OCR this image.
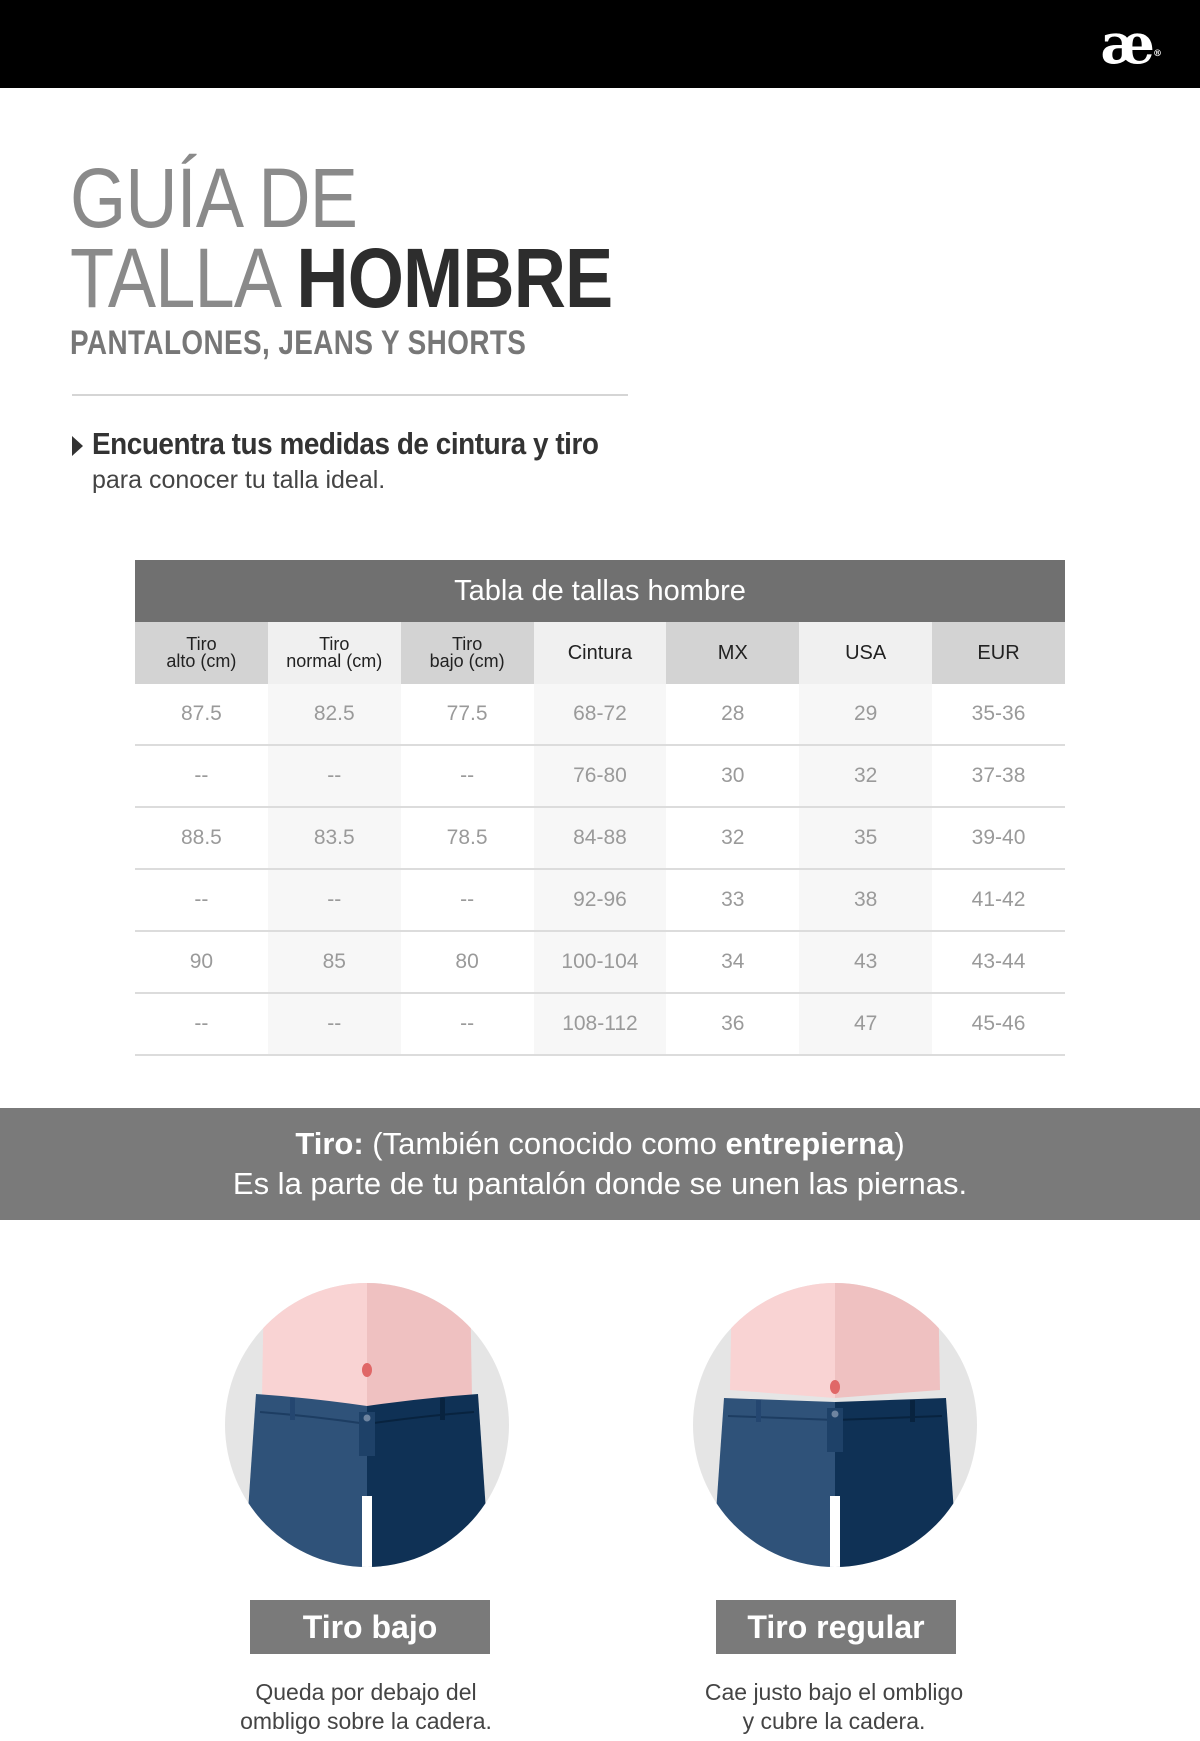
æ ®
GUÍA DE
TALLA HOMBRE
PANTALONES, JEANS Y SHORTS
Encuentra tus medidas de cintura y tiro
para conocer tu talla ideal.
Tabla de tallas hombre
Tiro
alto (cm)	Tiro
normal (cm)	Tiro
bajo (cm)	Cintura	MX	USA	EUR
87.5	82.5	77.5	68-72	28	29	35-36
--	--	--	76-80	30	32	37-38
88.5	83.5	78.5	84-88	32	35	39-40
--	--	--	92-96	33	38	41-42
90	85	80	100-104	34	43	43-44
--	--	--	108-112	36	47	45-46
Tiro: (También conocido como entrepierna)
Es la parte de tu pantalón donde se unen las piernas.
Tiro bajo	Tiro regular
Queda por debajo del
ombligo sobre la cadera.
Cae justo bajo el ombligo
y cubre la cadera.
